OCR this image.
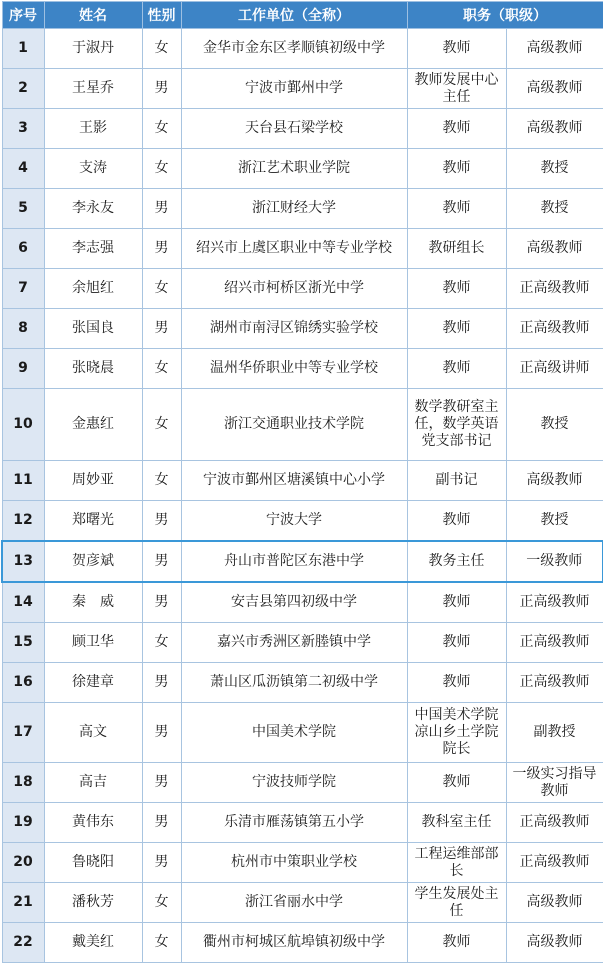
序号	姓名	性别	工作单位（全称）	职务（职级）	
1	于淑丹	女	金华市金东区孝顺镇初级中学	教师	高级教师
2	王星乔	男	宁波市鄞州中学	教师发展中心主任	高级教师
3	王影	女	天台县石梁学校	教师	高级教师
4	支涛	女	浙江艺术职业学院	教师	教授
5	李永友	男	浙江财经大学	教师	教授
6	李志强	男	绍兴市上虞区职业中等专业学校	教研组长	高级教师
7	余旭红	女	绍兴市柯桥区浙光中学	教师	正高级教师
8	张国良	男	湖州市南浔区锦绣实验学校	教师	正高级教师
9	张晓晨	女	温州华侨职业中等专业学校	教师	正高级讲师
10	金惠红	女	浙江交通职业技术学院	数学教研室主任，数学英语党支部书记	教授
11	周妙亚	女	宁波市鄞州区塘溪镇中心小学	副书记	高级教师
12	郑曙光	男	宁波大学	教师	教授
13	贺彦斌	男	舟山市普陀区东港中学	教务主任	一级教师
14	秦　威	男	安吉县第四初级中学	教师	正高级教师
15	顾卫华	女	嘉兴市秀洲区新塍镇中学	教师	正高级教师
16	徐建章	男	萧山区瓜沥镇第二初级中学	教师	正高级教师
17	高文	男	中国美术学院	中国美术学院凉山乡土学院院长	副教授
18	高吉	男	宁波技师学院	教师	一级实习指导教师
19	黄伟东	男	乐清市雁荡镇第五小学	教科室主任	正高级教师
20	鲁晓阳	男	杭州市中策职业学校	工程运维部部长	正高级教师
21	潘秋芳	女	浙江省丽水中学	学生发展处主任	高级教师
22	戴美红	女	衢州市柯城区航埠镇初级中学	教师	高级教师
